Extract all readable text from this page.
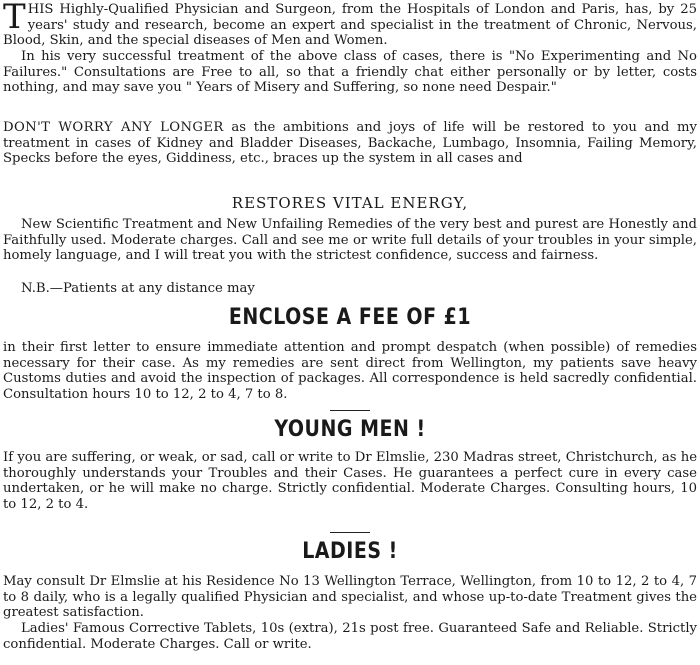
THIS Highly-Qualified Physician and Surgeon, from the Hospitals of London and Paris, has, by 25 years' study and research, become an expert and specialist in the treatment of Chronic, Nervous, Blood, Skin, and the special diseases of Men and Women.

In his very successful treatment of the above class of cases, there is "No Experimenting and No Failures." Consultations are Free to all, so that a friendly chat either personally or by letter, costs nothing, and may save you " Years of Misery and Suffering, so none need Despair."

DON'T WORRY ANY LONGER as the ambitions and joys of life will be restored to you and my treatment in cases of Kidney and Bladder Diseases, Backache, Lumbago, Insomnia, Failing Memory, Specks before the eyes, Giddiness, etc., braces up the system in all cases and

RESTORES VITAL ENERGY,

New Scientific Treatment and New Unfailing Remedies of the very best and purest are Honestly and Faithfully used. Moderate charges. Call and see me or write full details of your troubles in your simple, homely language, and I will treat you with the strictest confidence, success and fairness.

N.B.—Patients at any distance may

ENCLOSE A FEE OF £1

in their first letter to ensure immediate attention and prompt despatch (when possible) of remedies necessary for their case. As my remedies are sent direct from Wellington, my patients save heavy Customs duties and avoid the inspection of packages. All correspondence is held sacredly confidential. Consultation hours 10 to 12, 2 to 4, 7 to 8.

YOUNG MEN !

If you are suffering, or weak, or sad, call or write to Dr Elmslie, 230 Madras street, Christchurch, as he thoroughly understands your Troubles and their Cases. He guarantees a perfect cure in every case undertaken, or he will make no charge. Strictly confidential. Moderate Charges. Consulting hours, 10 to 12, 2 to 4.

LADIES !

May consult Dr Elmslie at his Residence No 13 Wellington Terrace, Wellington, from 10 to 12, 2 to 4, 7 to 8 daily, who is a legally qualified Physician and specialist, and whose up-to-date Treatment gives the greatest satisfaction.

Ladies' Famous Corrective Tablets, 10s (extra), 21s post free. Guaranteed Safe and Reliable. Strictly confidential. Moderate Charges. Call or write.
